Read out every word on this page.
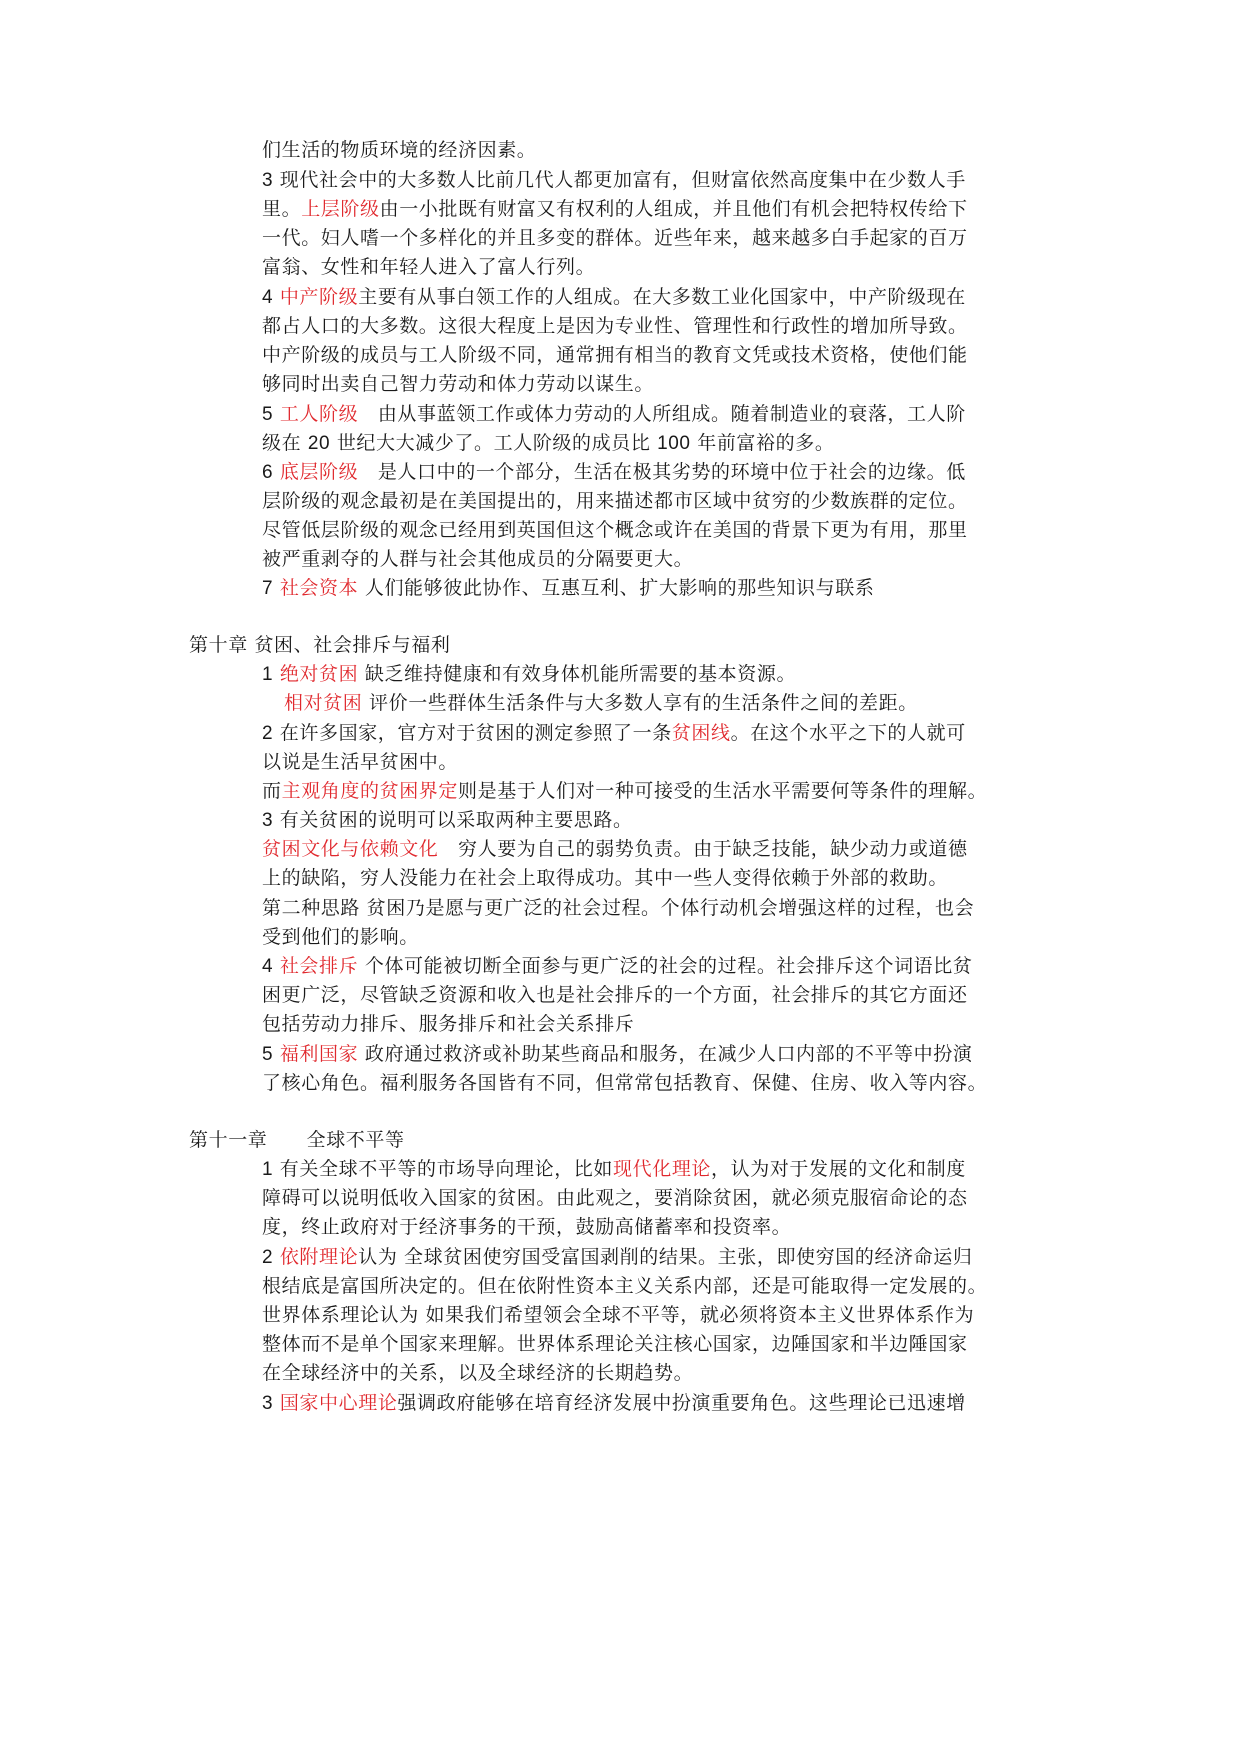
们生活的物质环境的经济因素。
3 现代社会中的大多数人比前几代人都更加富有，但财富依然高度集中在少数人手
里。上层阶级由一小批既有财富又有权利的人组成，并且他们有机会把特权传给下
一代。妇人嗜一个多样化的并且多变的群体。近些年来，越来越多白手起家的百万
富翁、女性和年轻人进入了富人行列。
4 中产阶级主要有从事白领工作的人组成。在大多数工业化国家中，中产阶级现在
都占人口的大多数。这很大程度上是因为专业性、管理性和行政性的增加所导致。
中产阶级的成员与工人阶级不同，通常拥有相当的教育文凭或技术资格，使他们能
够同时出卖自己智力劳动和体力劳动以谋生。
5 工人阶级　由从事蓝领工作或体力劳动的人所组成。随着制造业的衰落，工人阶
级在 20 世纪大大减少了。工人阶级的成员比 100 年前富裕的多。
6 底层阶级　是人口中的一个部分，生活在极其劣势的环境中位于社会的边缘。低
层阶级的观念最初是在美国提出的，用来描述都市区域中贫穷的少数族群的定位。
尽管低层阶级的观念已经用到英国但这个概念或许在美国的背景下更为有用，那里
被严重剥夺的人群与社会其他成员的分隔要更大。
7 社会资本 人们能够彼此协作、互惠互利、扩大影响的那些知识与联系
第十章 贫困、社会排斥与福利
1 绝对贫困 缺乏维持健康和有效身体机能所需要的基本资源。
相对贫困 评价一些群体生活条件与大多数人享有的生活条件之间的差距。
2 在许多国家，官方对于贫困的测定参照了一条贫困线。在这个水平之下的人就可
以说是生活早贫困中。
而主观角度的贫困界定则是基于人们对一种可接受的生活水平需要何等条件的理解。
3 有关贫困的说明可以采取两种主要思路。
贫困文化与依赖文化　穷人要为自己的弱势负责。由于缺乏技能，缺少动力或道德
上的缺陷，穷人没能力在社会上取得成功。其中一些人变得依赖于外部的救助。
第二种思路 贫困乃是愿与更广泛的社会过程。个体行动机会增强这样的过程，也会
受到他们的影响。
4 社会排斥 个体可能被切断全面参与更广泛的社会的过程。社会排斥这个词语比贫
困更广泛，尽管缺乏资源和收入也是社会排斥的一个方面，社会排斥的其它方面还
包括劳动力排斥、服务排斥和社会关系排斥
5 福利国家 政府通过救济或补助某些商品和服务，在减少人口内部的不平等中扮演
了核心角色。福利服务各国皆有不同，但常常包括教育、保健、住房、收入等内容。
第十一章　　全球不平等
1 有关全球不平等的市场导向理论，比如现代化理论，认为对于发展的文化和制度
障碍可以说明低收入国家的贫困。由此观之，要消除贫困，就必须克服宿命论的态
度，终止政府对于经济事务的干预，鼓励高储蓄率和投资率。
2 依附理论认为 全球贫困使穷国受富国剥削的结果。主张，即使穷国的经济命运归
根结底是富国所决定的。但在依附性资本主义关系内部，还是可能取得一定发展的。
世界体系理论认为 如果我们希望领会全球不平等，就必须将资本主义世界体系作为
整体而不是单个国家来理解。世界体系理论关注核心国家，边陲国家和半边陲国家
在全球经济中的关系，以及全球经济的长期趋势。
3 国家中心理论强调政府能够在培育经济发展中扮演重要角色。这些理论已迅速增
